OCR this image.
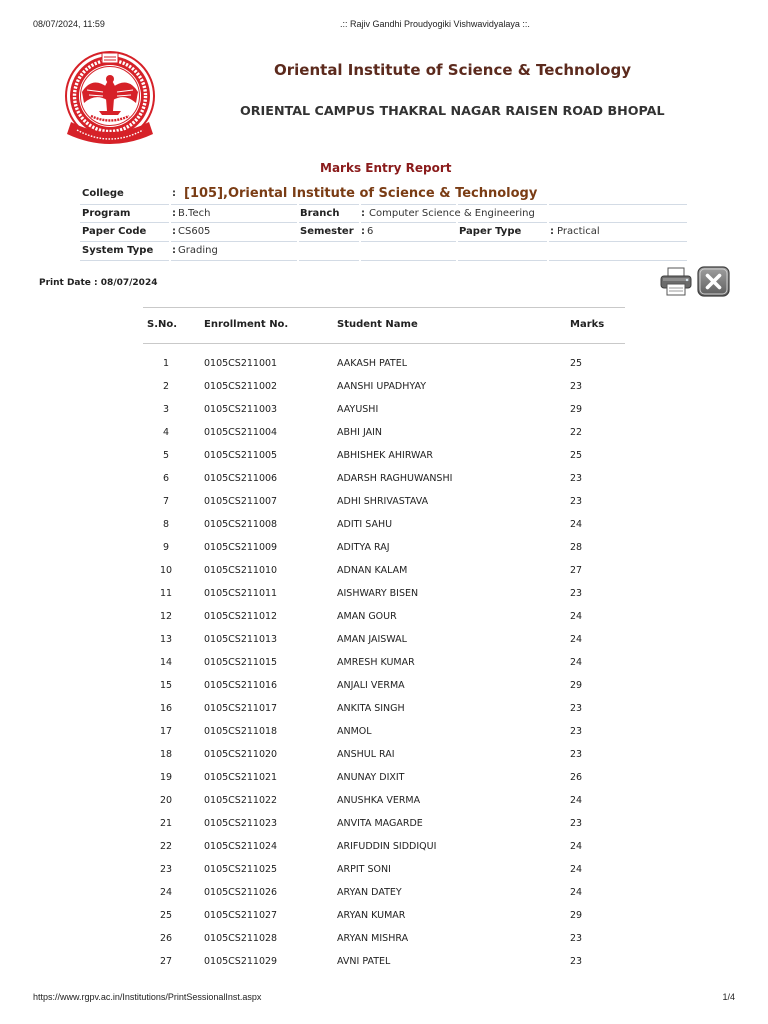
08/07/2024, 11:59	.:: Rajiv Gandhi Proudyogiki Vishwavidyalaya ::.
Oriental Institute of Science & Technology
ORIENTAL CAMPUS THAKRAL NAGAR RAISEN ROAD BHOPAL
Marks Entry Report
College	: [105],Oriental Institute of Science & Technology
Program	: B.Tech	Branch : Computer Science & Engineering
Paper Code	: CS605	Semester : 6	Paper Type	: Practical
System Type : Grading
Print Date : 08/07/2024
S.No.	Enrollment No.	Student Name	Marks
1	0105CS211001	AAKASH PATEL	25
2	0105CS211002	AANSHI UPADHYAY	23
3	0105CS211003	AAYUSHI	29
4	0105CS211004	ABHI JAIN	22
5	0105CS211005	ABHISHEK AHIRWAR	25
6	0105CS211006	ADARSH RAGHUWANSHI	23
7	0105CS211007	ADHI SHRIVASTAVA	23
8	0105CS211008	ADITI SAHU	24
9	0105CS211009	ADITYA RAJ	28
10	0105CS211010	ADNAN KALAM	27
11	0105CS211011	AISHWARY BISEN	23
12	0105CS211012	AMAN GOUR	24
13	0105CS211013	AMAN JAISWAL	24
14	0105CS211015	AMRESH KUMAR	24
15	0105CS211016	ANJALI VERMA	29
16	0105CS211017	ANKITA SINGH	23
17	0105CS211018	ANMOL	23
18	0105CS211020	ANSHUL RAI	23
19	0105CS211021	ANUNAY DIXIT	26
20	0105CS211022	ANUSHKA VERMA	24
21	0105CS211023	ANVITA MAGARDE	23
22	0105CS211024	ARIFUDDIN SIDDIQUI	24
23	0105CS211025	ARPIT SONI	24
24	0105CS211026	ARYAN DATEY	24
25	0105CS211027	ARYAN KUMAR	29
26	0105CS211028	ARYAN MISHRA	23
27	0105CS211029	AVNI PATEL	23
https://www.rgpv.ac.in/Institutions/PrintSessionalInst.aspx	1/4
